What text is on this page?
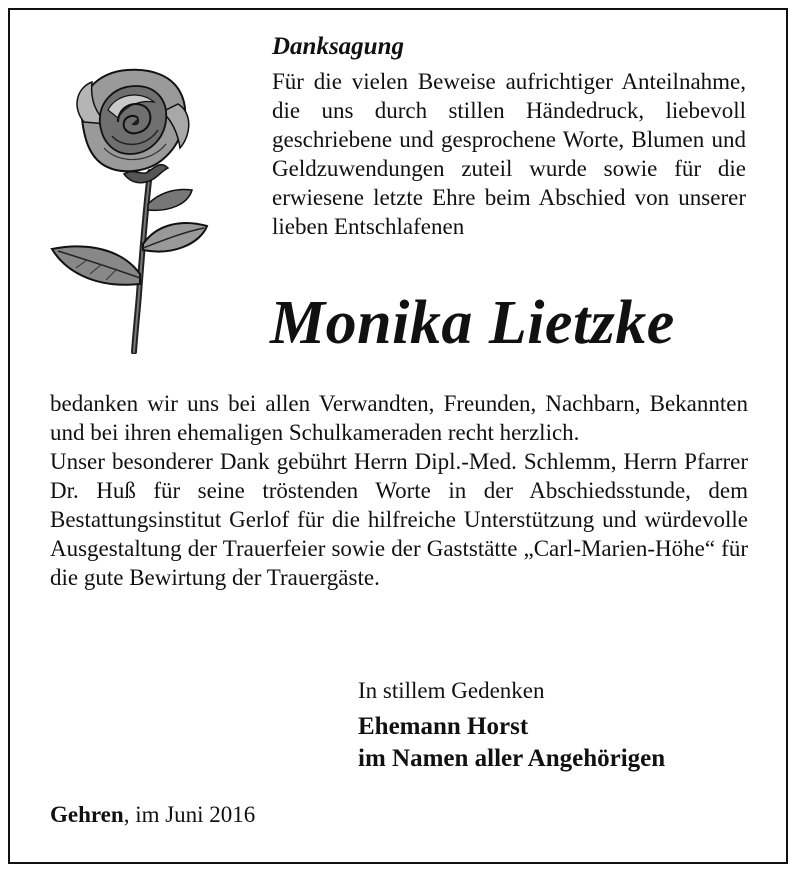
Danksagung
Für die vielen Beweise aufrichtiger Anteilnahme, die uns durch stillen Händedruck, liebevoll geschriebene und gesprochene Worte, Blumen und Geldzuwendungen zuteil wurde sowie für die erwiesene letzte Ehre beim Abschied von unserer lieben Entschlafenen
Monika Lietzke

bedanken wir uns bei allen Verwandten, Freunden, Nachbarn, Bekannten und bei ihren ehemaligen Schulkameraden recht herzlich.

Unser besonderer Dank gebührt Herrn Dipl.-Med. Schlemm, Herrn Pfarrer Dr. Huß für seine tröstenden Worte in der Abschiedsstunde, dem Bestattungsinstitut Gerlof für die hilfreiche Unterstützung und würdevolle Ausgestaltung der Trauerfeier sowie der Gaststätte „Carl-Marien-Höhe“ für die gute Bewirtung der Trauergäste.

In stillem Gedenken
Ehemann Horst
im Namen aller Angehörigen
Gehren, im Juni 2016
